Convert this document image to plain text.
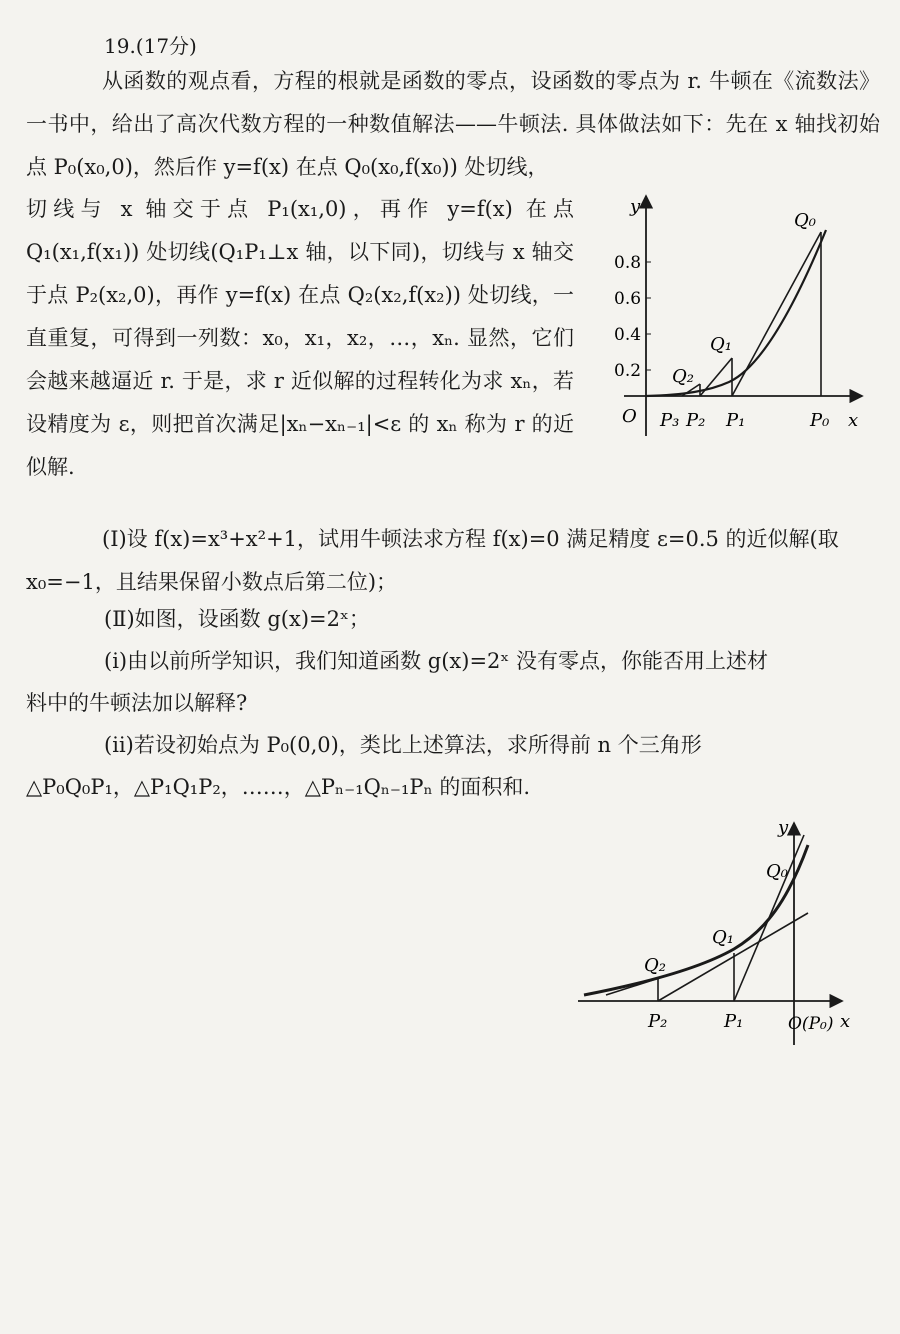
19.(17分)
从函数的观点看，方程的根就是函数的零点，设函数的零点为 r. 牛顿在《流数法》一书中，给出了高次代数方程的一种数值解法——牛顿法. 具体做法如下：先在 x 轴找初始点 P₀(x₀,0)，然后作 y=f(x) 在点 Q₀(x₀,f(x₀)) 处切线，
切线与 x 轴交于点 P₁(x₁,0)，再作 y=f(x) 在点 Q₁(x₁,f(x₁)) 处切线(Q₁P₁⊥x 轴，以下同)，切线与 x 轴交于点 P₂(x₂,0)，再作 y=f(x) 在点 Q₂(x₂,f(x₂)) 处切线，一直重复，可得到一列数：x₀，x₁，x₂，…，xₙ. 显然，它们会越来越逼近 r. 于是，求 r 近似解的过程转化为求 xₙ，若设精度为 ε，则把首次满足|xₙ−xₙ₋₁|<ε 的 xₙ 称为 r 的近似解.
y
x
O
0.8
0.6
0.4
0.2
Q₀
Q₁
Q₂
P₃ P₂ P₁	P₀
(Ⅰ)设 f(x)=x³+x²+1，试用牛顿法求方程 f(x)=0 满足精度 ε=0.5 的近似解(取 x₀=−1，且结果保留小数点后第二位)；
(Ⅱ)如图，设函数 g(x)=2ˣ；
(ⅰ)由以前所学知识，我们知道函数 g(x)=2ˣ 没有零点，你能否用上述材
料中的牛顿法加以解释?
(ⅱ)若设初始点为 P₀(0,0)，类比上述算法，求所得前 n 个三角形
△P₀Q₀P₁，△P₁Q₁P₂，……，△Pₙ₋₁Qₙ₋₁Pₙ 的面积和.
y
x
O(P₀)
Q₀
Q₁
Q₂
P₂	P₁
